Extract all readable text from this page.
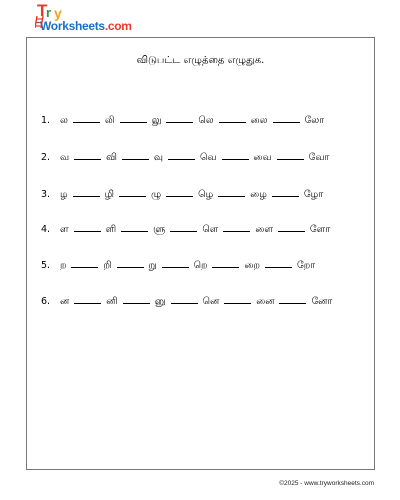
T
r y
Worksheets.com
விடுபட்ட எழுத்தை எழுதுக.
1. ல	லி	லு	லெ	லை	லோ
2. வ	வி	வு	வெ	வை	வோ
3. ழ	ழி	ழு	ழெ	ழை	ழோ
4. ள	ளி	ளு	ளெ	ளை	ளோ
5. ற	றி	று	றெ	றை	றோ
6. ன	னி	னு	னெ	னை	னோ
©2025 - www.tryworksheets.com
